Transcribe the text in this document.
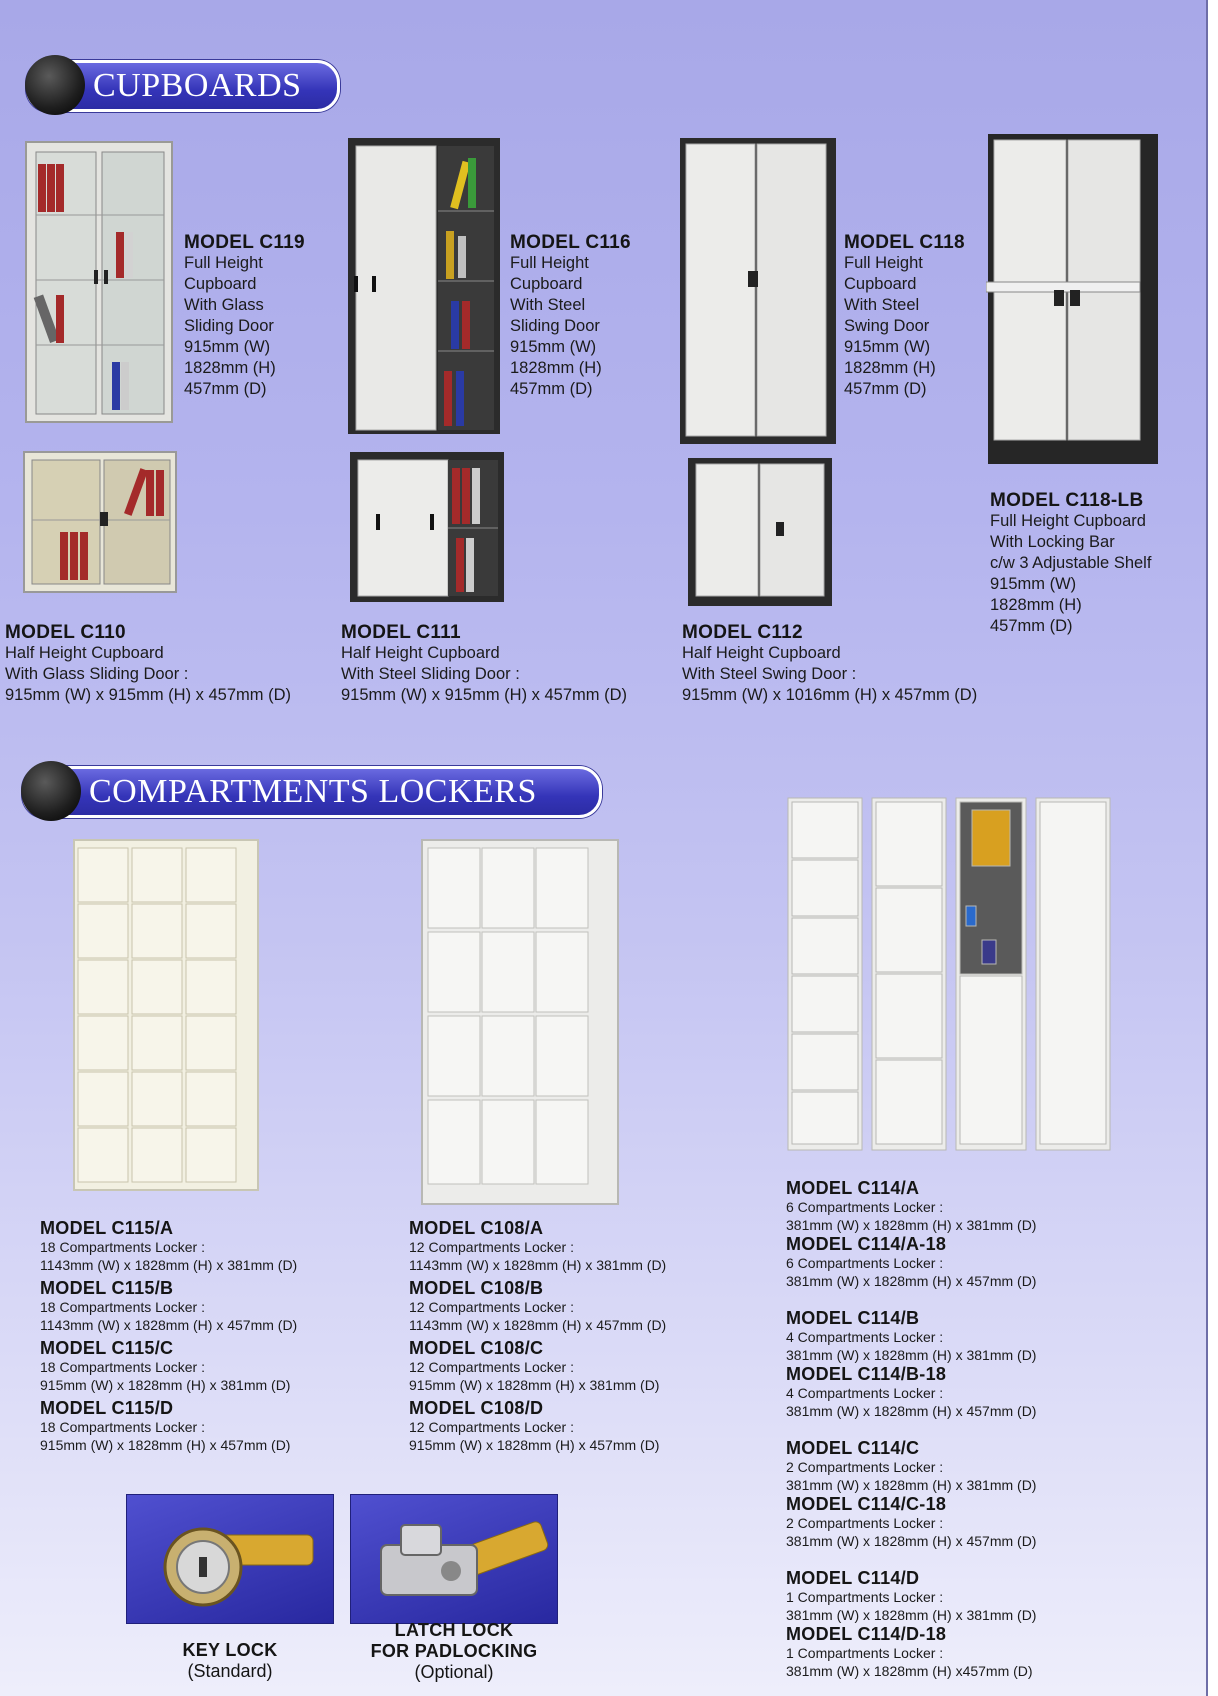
CUPBOARDS
MODEL C119
Full Height
Cupboard
With Glass
Sliding Door
915mm (W)
1828mm (H)
457mm (D)
MODEL C116
Full Height
Cupboard
With Steel
Sliding Door
915mm (W)
1828mm (H)
457mm (D)
MODEL C118
Full Height
Cupboard
With Steel
Swing Door
915mm (W)
1828mm (H)
457mm (D)
MODEL C118-LB
Full Height Cupboard
With Locking Bar
c/w 3 Adjustable Shelf
915mm (W)
1828mm (H)
457mm (D)
MODEL C110
Half Height Cupboard
With Glass Sliding Door :
915mm (W) x 915mm (H) x 457mm (D)
MODEL C111
Half Height Cupboard
With Steel Sliding Door :
915mm (W) x 915mm (H) x 457mm (D)
MODEL C112
Half Height Cupboard
With Steel Swing Door :
915mm (W) x 1016mm (H) x 457mm (D)
COMPARTMENTS LOCKERS
MODEL C115/A
18 Compartments Locker :
1143mm (W) x 1828mm (H) x 381mm (D)
MODEL C115/B
18 Compartments Locker :
1143mm (W) x 1828mm (H) x 457mm (D)
MODEL C115/C
18 Compartments Locker :
915mm (W) x 1828mm (H) x 381mm (D)
MODEL C115/D
18 Compartments Locker :
915mm (W) x 1828mm (H) x 457mm (D)
MODEL C108/A
12 Compartments Locker :
1143mm (W) x 1828mm (H) x 381mm (D)
MODEL C108/B
12 Compartments Locker :
1143mm (W) x 1828mm (H) x 457mm (D)
MODEL C108/C
12 Compartments Locker :
915mm (W) x 1828mm (H) x 381mm (D)
MODEL C108/D
12 Compartments Locker :
915mm (W) x 1828mm (H) x 457mm (D)
MODEL C114/A
6 Compartments Locker :
381mm (W) x 1828mm (H) x 381mm (D)
MODEL C114/A-18
6 Compartments Locker :
381mm (W) x 1828mm (H) x 457mm (D)
MODEL C114/B
4 Compartments Locker :
381mm (W) x 1828mm (H) x 381mm (D)
MODEL C114/B-18
4 Compartments Locker :
381mm (W) x 1828mm (H) x 457mm (D)
MODEL C114/C
2 Compartments Locker :
381mm (W) x 1828mm (H) x 381mm (D)
MODEL C114/C-18
2 Compartments Locker :
381mm (W) x 1828mm (H) x 457mm (D)
MODEL C114/D
1 Compartments Locker :
381mm (W) x 1828mm (H) x 381mm (D)
MODEL C114/D-18
1 Compartments Locker :
381mm (W) x 1828mm (H) x457mm (D)
KEY LOCK
(Standard)
LATCH LOCK
FOR PADLOCKING
(Optional)
